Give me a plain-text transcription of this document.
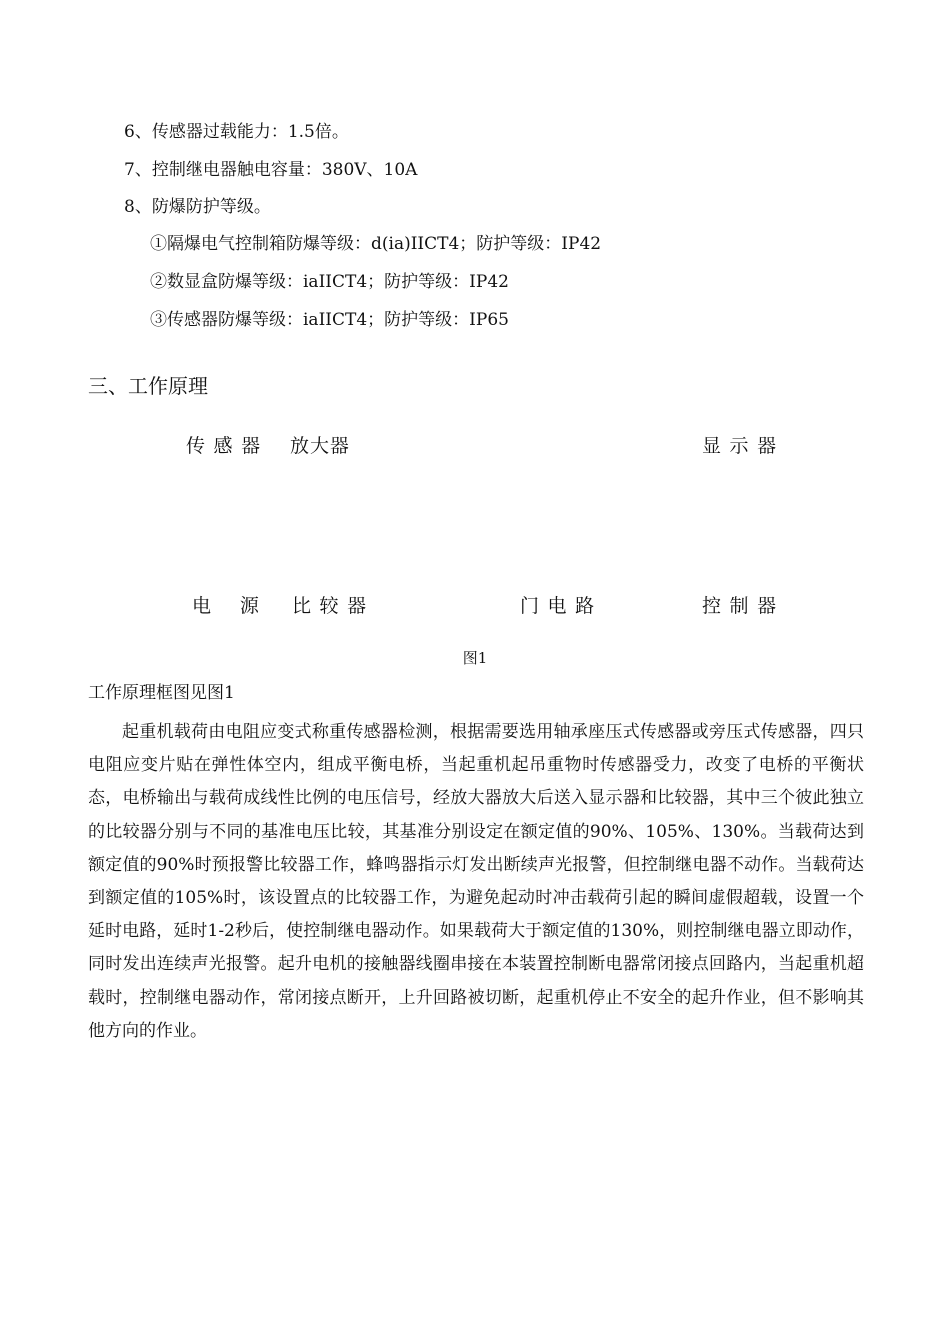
6、传感器过载能力：1.5倍。
7、控制继电器触电容量：380V、10A
8、防爆防护等级。
①隔爆电气控制箱防爆等级：d(ia)IICT4；防护等级：IP42
②数显盒防爆等级：iaIICT4；防护等级：IP42
③传感器防爆等级：iaIICT4；防护等级：IP65
三、工作原理
传感器 放大器	显示器
电 源 比较器	门电路	控制器
图1
工作原理框图见图1

起重机载荷由电阻应变式称重传感器检测，根据需要选用轴承座压式传感器或旁压式传感器，四只电阻应变片贴在弹性体空内，组成平衡电桥，当起重机起吊重物时传感器受力，改变了电桥的平衡状态，电桥输出与载荷成线性比例的电压信号，经放大器放大后送入显示器和比较器，其中三个彼此独立的比较器分别与不同的基准电压比较，其基准分别设定在额定值的90%、105%、130%。当载荷达到额定值的90%时预报警比较器工作，蜂鸣器指示灯发出断续声光报警，但控制继电器不动作。当载荷达到额定值的105%时，该设置点的比较器工作，为避免起动时冲击载荷引起的瞬间虚假超载，设置一个延时电路，延时1-2秒后，使控制继电器动作。如果载荷大于额定值的130%，则控制继电器立即动作，同时发出连续声光报警。起升电机的接触器线圈串接在本装置控制断电器常闭接点回路内，当起重机超载时，控制继电器动作，常闭接点断开，上升回路被切断，起重机停止不安全的起升作业，但不影响其他方向的作业。
